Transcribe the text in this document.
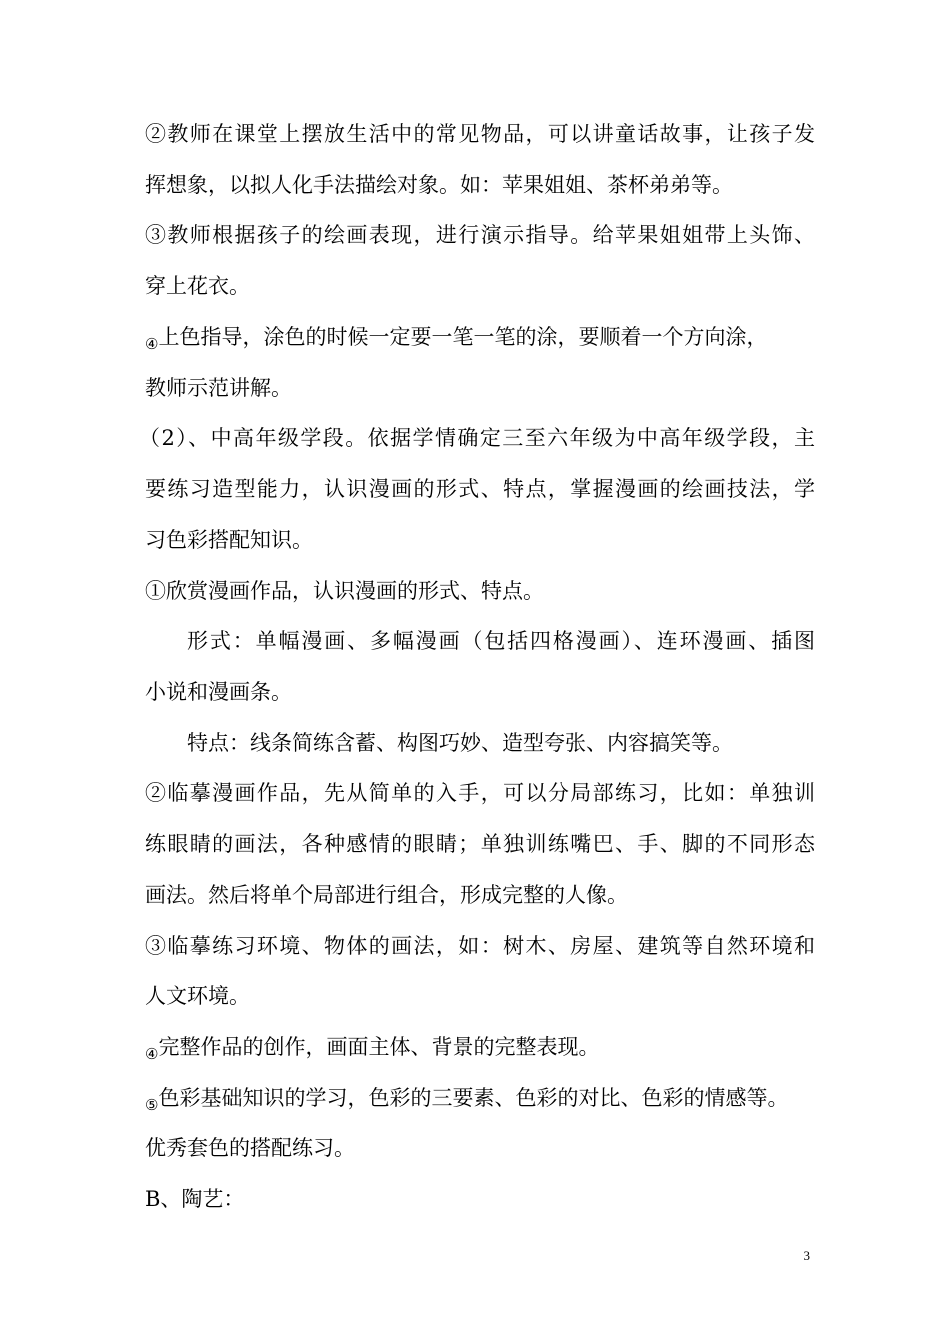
②教师在课堂上摆放生活中的常见物品，可以讲童话故事，让孩子发
挥想象，以拟人化手法描绘对象。如：苹果姐姐、茶杯弟弟等。
③教师根据孩子的绘画表现，进行演示指导。给苹果姐姐带上头饰、
穿上花衣。
$_④$上色指导，涂色的时候一定要一笔一笔的涂，要顺着一个方向涂，
教师示范讲解。
（2）、中高年级学段。依据学情确定三至六年级为中高年级学段，主
要练习造型能力，认识漫画的形式、特点，掌握漫画的绘画技法，学
习色彩搭配知识。
①欣赏漫画作品，认识漫画的形式、特点。
形式：单幅漫画、多幅漫画（包括四格漫画）、连环漫画、插图
小说和漫画条。
特点：线条简练含蓄、构图巧妙、造型夸张、内容搞笑等。
②临摹漫画作品，先从简单的入手，可以分局部练习，比如：单独训
练眼睛的画法，各种感情的眼睛；单独训练嘴巴、手、脚的不同形态
画法。然后将单个局部进行组合，形成完整的人像。
③临摹练习环境、物体的画法，如：树木、房屋、建筑等自然环境和
人文环境。
$_④$完整作品的创作，画面主体、背景的完整表现。
$_⑤$色彩基础知识的学习，色彩的三要素、色彩的对比、色彩的情感等。
优秀套色的搭配练习。
B、陶艺：
3
